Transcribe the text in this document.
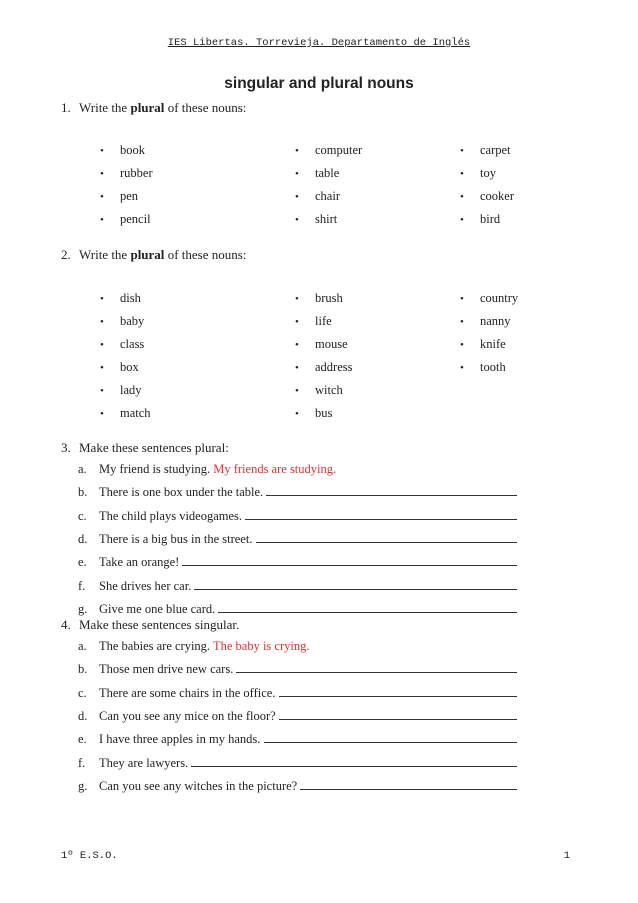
IES Libertas. Torrevieja. Departamento de Inglés
singular and plural nouns
1. Write the plural of these nouns:
• book
• rubber
• pen
• pencil
• computer
• table
• chair
• shirt
• carpet
• toy
• cooker
• bird
2. Write the plural of these nouns:
• dish
• baby
• class
• box
• lady
• match
• brush
• life
• mouse
• address
• witch
• bus
• country
• nanny
• knife
• tooth
3. Make these sentences plural:
a. My friend is studying. My friends are studying.
b. There is one box under the table.
c. The child plays videogames.
d. There is a big bus in the street.
e. Take an orange!
f. She drives her car.
g. Give me one blue card.
4. Make these sentences singular.
a. The babies are crying. The baby is crying.
b. Those men drive new cars.
c. There are some chairs in the office.
d. Can you see any mice on the floor?
e. I have three apples in my hands.
f. They are lawyers.
g. Can you see any witches in the picture?
1º E.S.O.	1
